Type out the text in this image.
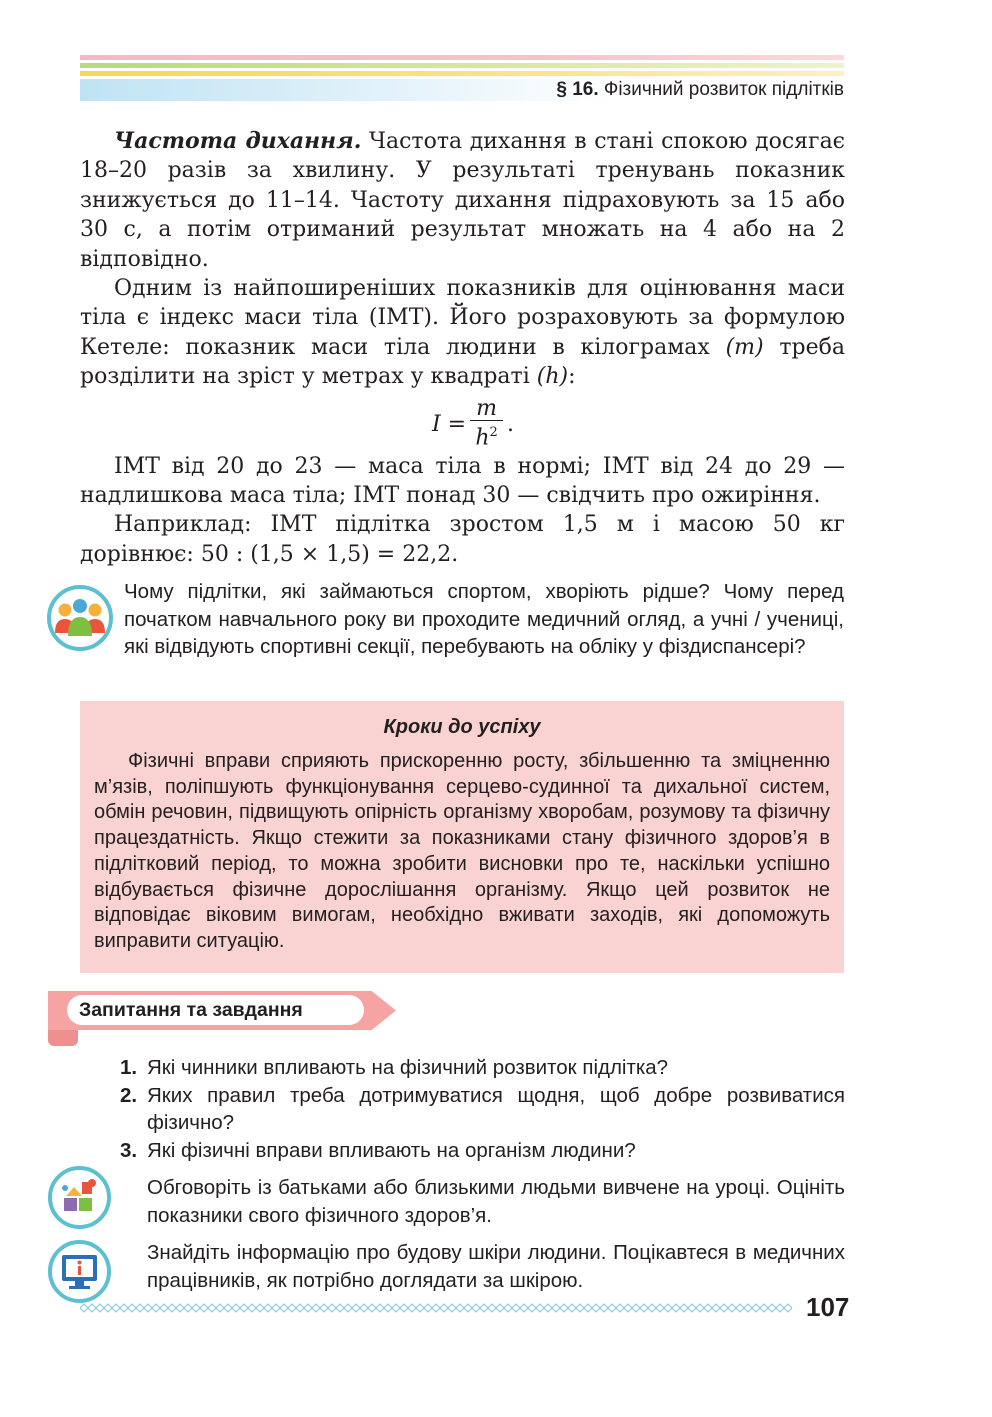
§ 16. Фізичний розвиток підлітків

Частота дихання. Частота дихання в стані спокою досягає 18–20 разів за хвилину. У результаті тренувань показник знижується до 11–14. Частоту дихання підраховують за 15 або 30 с, а потім отриманий результат множать на 4 або на 2 відповідно.

Одним із найпоширеніших показників для оцінювання маси тіла є індекс маси тіла (ІМТ). Його розраховують за формулою Кетеле: показник маси тіла людини в кілограмах (m) треба розділити на зріст у метрах у квадраті (h):

ІМТ від 20 до 23 — маса тіла в нормі; ІМТ від 24 до 29 — надлишкова маса тіла; ІМТ понад 30 — свідчить про ожиріння.

Наприклад: ІМТ підлітка зростом 1,5 м і масою 50 кг дорівнює: 50 : (1,5 × 1,5) = 22,2.

$I = \frac{m}{h^2}$ .
Чому підлітки, які займаються спортом, хворіють рідше? Чому перед початком навчального року ви проходите медичний огляд, а учні / учениці, які відвідують спортивні секції, перебувають на обліку у фіздиспансері?
Кроки до успіху
Фізичні вправи сприяють прискоренню росту, збільшенню та зміцненню м’язів, поліпшують функціонування серцево-судинної та дихальної систем, обмін речовин, підвищують опірність організму хворобам, розумову та фізичну працездатність. Якщо стежити за показниками стану фізичного здоров’я в підлітковий період, то можна зробити висновки про те, наскільки успішно відбувається фізичне дорослішання організму. Якщо цей розвиток не відповідає віковим вимогам, необхідно вживати заходів, які допоможуть виправити ситуацію.
Запитання та завдання
1. Які чинники впливають на фізичний розвиток підлітка?
2. Яких правил треба дотримуватися щодня, щоб добре розвиватися фізично?
3. Які фізичні вправи впливають на організм людини?
Обговоріть із батьками або близькими людьми вивчене на уроці. Оцініть показники свого фізичного здоров’я.
Знайдіть інформацію про будову шкіри людини. Поцікавтеся в медичних працівників, як потрібно доглядати за шкірою.
107
